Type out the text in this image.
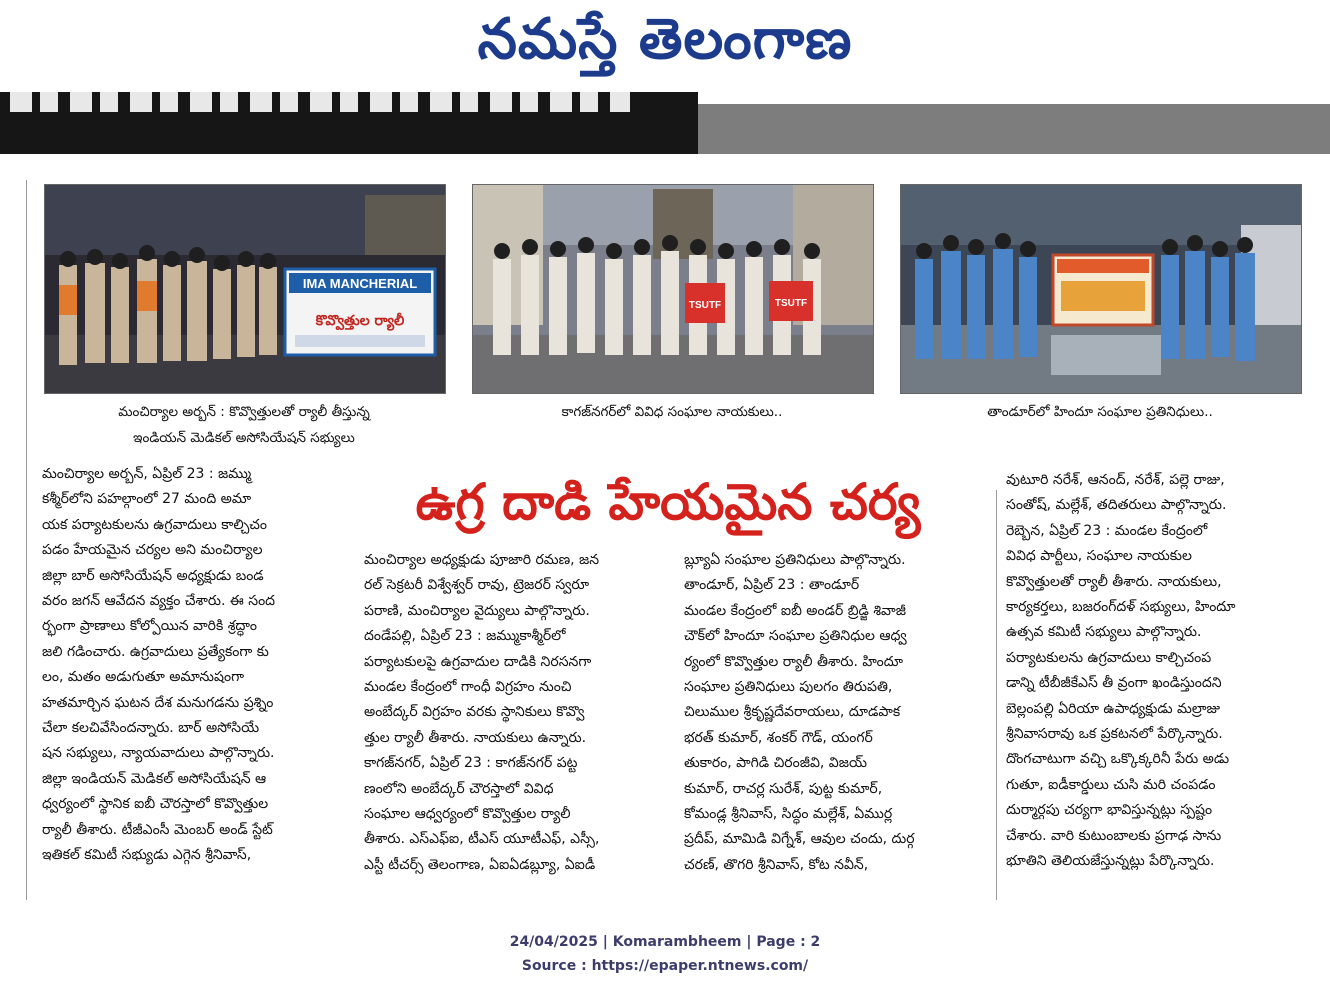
నమస్తే తెలంగాణ
IMA MANCHERIAL
కొవ్వొత్తుల ర్యాలీ
TSUTF	TSUTF
మంచిర్యాల అర్బన్ : కొవ్వొత్తులతో ర్యాలీ తీస్తున్న
ఇండియన్ మెడికల్ అసోసియేషన్ సభ్యులు
కాగజ్‌నగర్‌లో వివిధ సంఘాల నాయకులు..	తాండూర్‌లో హిందూ సంఘాల ప్రతినిధులు..
ఉగ్ర దాడి హేయమైన చర్య

మంచిర్యాల అర్బన్, ఏప్రిల్ 23 : జమ్ము

కశ్మీర్‌లోని పహల్గాంలో 27 మంది అమా

యక పర్యాటకులను ఉగ్రవాదులు కాల్చిచం

పడం హేయమైన చర్యల అని మంచిర్యాల

జిల్లా బార్ అసోసియేషన్ అధ్యక్షుడు బండ

వరం జగన్ ఆవేదన వ్యక్తం చేశారు. ఈ సంద

ర్భంగా ప్రాణాలు కోల్పోయిన వారికి శ్రద్ధాం

జలి గడించారు. ఉగ్రవాదులు ప్రత్యేకంగా కు

లం, మతం అడుగుతూ అమానుషంగా

హతమార్చిన ఘటన దేశ మనుగడను ప్రశ్నిం

చేలా కలచివేసిందన్నారు. బార్ అసోసియే

షన సభ్యులు, న్యాయవాదులు పాల్గొన్నారు.

జిల్లా ఇండియన్ మెడికల్ అసోసియేషన్ ఆ

ధ్వర్యంలో స్థానిక ఐబీ చౌరస్తాలో కొవ్వొత్తుల

ర్యాలీ తీశారు. టీజీఎంసీ మెంబర్ అండ్ స్టేట్

ఇతికల్ కమిటీ సభ్యుడు ఎగ్గెన శ్రీనివాస్,

మంచిర్యాల అధ్యక్షుడు పూజారి రమణ, జన

రల్ సెక్రటరీ విశ్వేశ్వర్ రావు, ట్రెజరర్ స్వరూ

పరాణి, మంచిర్యాల వైద్యులు పాల్గొన్నారు.

దండేపల్లి, ఏప్రిల్ 23 : జమ్ముకాశ్మీర్‌లో

పర్యాటకులపై ఉగ్రవాదుల దాడికి నిరసనగా

మండల కేంద్రంలో గాంధీ విగ్రహం నుంచి

అంబేద్కర్ విగ్రహం వరకు స్థానికులు కొవ్వొ

త్తుల ర్యాలీ తీశారు. నాయకులు ఉన్నారు.

కాగజ్‌నగర్, ఏప్రిల్ 23 : కాగజ్‌నగర్ పట్ట

ణంలోని అంబేద్కర్ చౌరస్తాలో వివిధ

సంఘాల ఆధ్వర్యంలో కొవ్వొత్తుల ర్యాలీ

తీశారు. ఎస్ఎఫ్ఐ, టీఎస్ యూటీఎఫ్, ఎస్సీ,

ఎస్టీ టీచర్స్ తెలంగాణ, ఏఐఏడబ్ల్యూ, ఏఐడీ

బ్ల్యూఏ సంఘాల ప్రతినిధులు పాల్గొన్నారు.

తాండూర్, ఏప్రిల్ 23 : తాండూర్

మండల కేంద్రంలో ఐబీ అండర్ బ్రిడ్జి శివాజీ

చౌక్‌లో హిందూ సంఘాల ప్రతినిధుల ఆధ్వ

ర్యంలో కొవ్వొత్తుల ర్యాలీ తీశారు. హిందూ

సంఘాల ప్రతినిధులు పులగం తిరుపతి,

చిలుముల శ్రీకృష్ణదేవరాయలు, దూడపాక

భరత్ కుమార్, శంకర్ గౌడ్, యంగర్

తుకారం, పాగిడి చిరంజీవి, విజయ్

కుమార్, రాచర్ల సురేశ్, పుట్ట కుమార్,

కోమండ్ల శ్రీనివాస్, సిద్ధం మల్లేశ్, ఏముర్ల

ప్రదీప్, మామిడి విగ్నేశ్, ఆవుల చందు, దుర్గ

చరణ్, తొగరి శ్రీనివాస్, కోట నవీన్,

వుటూరి నరేశ్, ఆనంద్, నరేశ్, పల్లె రాజు,

సంతోష్, మల్లేశ్, తదితరులు పాల్గొన్నారు.

రెబ్బెన, ఏప్రిల్ 23 : మండల కేంద్రంలో

వివిధ పార్టీలు, సంఘాల నాయకుల

కొవ్వొత్తులతో ర్యాలీ తీశారు. నాయకులు,

కార్యకర్తలు, బజరంగ్‌దళ్ సభ్యులు, హిందూ

ఉత్సవ కమిటీ సభ్యులు పాల్గొన్నారు.

పర్యాటకులను ఉగ్రవాదులు కాల్చిచంప

డాన్ని టీబీజీకేఎస్ తీ వ్రంగా ఖండిస్తుందని

బెల్లంపల్లి ఏరియా ఉపాధ్యక్షుడు మల్రాజు

శ్రీనివాసరావు ఒక ప్రకటనలో పేర్కొన్నారు.

దొంగచాటుగా వచ్చి ఒక్కొక్కరినీ పేరు అడు

గుతూ, ఐడీకార్డులు చుసి మరి చంపడం

దుర్మార్గపు చర్యగా భావిస్తున్నట్లు స్పష్టం

చేశారు. వారి కుటుంబాలకు ప్రగాఢ సాను

భూతిని తెలియజేస్తున్నట్లు పేర్కొన్నారు.

24/04/2025 | Komarambheem | Page : 2
Source : https://epaper.ntnews.com/
